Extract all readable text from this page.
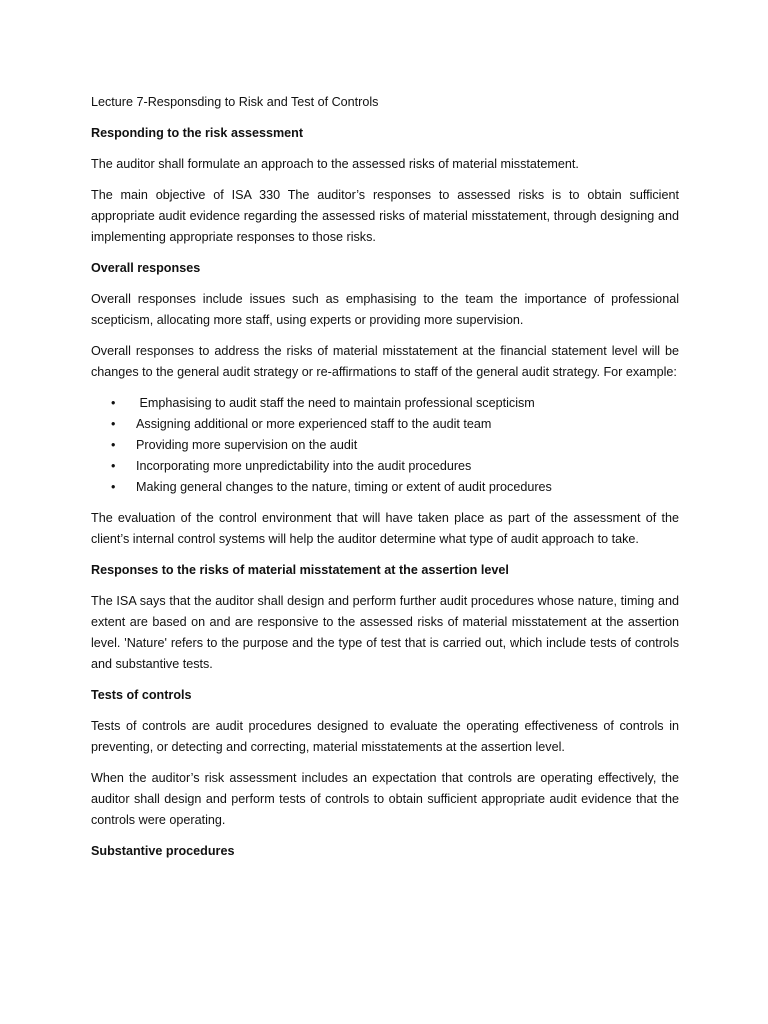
Lecture 7-Responsding to Risk and Test of Controls
Responding to the risk assessment

The auditor shall formulate an approach to the assessed risks of material misstatement.

The main objective of ISA 330 The auditor’s responses to assessed risks is to obtain sufficient appropriate audit evidence regarding the assessed risks of material misstatement, through designing and implementing appropriate responses to those risks.

Overall responses

Overall responses include issues such as emphasising to the team the importance of professional scepticism, allocating more staff, using experts or providing more supervision.

Overall responses to address the risks of material misstatement at the financial statement level will be changes to the general audit strategy or re-affirmations to staff of the general audit strategy. For example:

• Emphasising to audit staff the need to maintain professional scepticism
• Assigning additional or more experienced staff to the audit team
• Providing more supervision on the audit
• Incorporating more unpredictability into the audit procedures
• Making general changes to the nature, timing or extent of audit procedures

The evaluation of the control environment that will have taken place as part of the assessment of the client’s internal control systems will help the auditor determine what type of audit approach to take.

Responses to the risks of material misstatement at the assertion level

The ISA says that the auditor shall design and perform further audit procedures whose nature, timing and extent are based on and are responsive to the assessed risks of material misstatement at the assertion level. 'Nature' refers to the purpose and the type of test that is carried out, which include tests of controls and substantive tests.

Tests of controls

Tests of controls are audit procedures designed to evaluate the operating effectiveness of controls in preventing, or detecting and correcting, material misstatements at the assertion level.

When the auditor’s risk assessment includes an expectation that controls are operating effectively, the auditor shall design and perform tests of controls to obtain sufficient appropriate audit evidence that the controls were operating.

Substantive procedures
